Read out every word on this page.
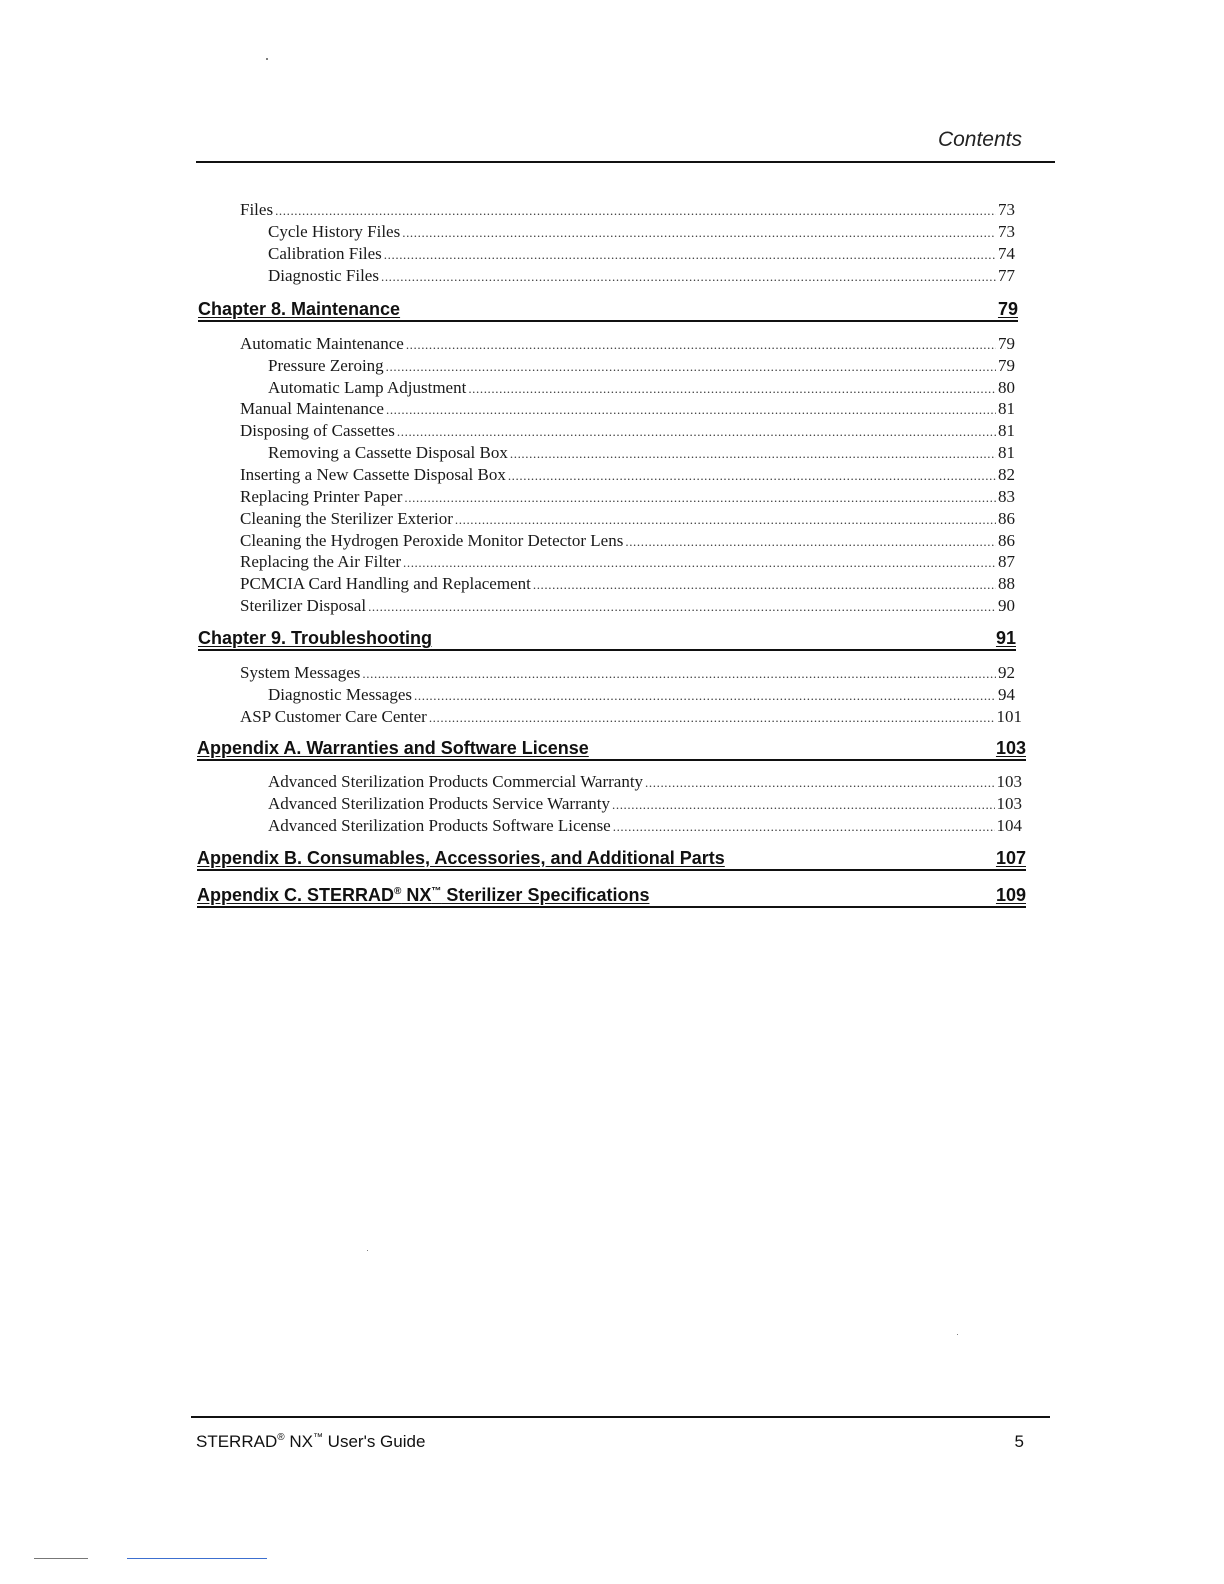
Contents
Files .....	73
Cycle History Files .....	73
Calibration Files .....	74
Diagnostic Files .....	77
Chapter 8. Maintenance	79
Automatic Maintenance .....	79
Pressure Zeroing .....	79
Automatic Lamp Adjustment .....	80
Manual Maintenance .....	81
Disposing of Cassettes .....	81
Removing a Cassette Disposal Box .....	81
Inserting a New Cassette Disposal Box .....	82
Replacing Printer Paper .....	83
Cleaning the Sterilizer Exterior .....	86
Cleaning the Hydrogen Peroxide Monitor Detector Lens .....	86
Replacing the Air Filter .....	87
PCMCIA Card Handling and Replacement .....	88
Sterilizer Disposal .....	90
Chapter 9. Troubleshooting	91
System Messages .....	92
Diagnostic Messages .....	94
ASP Customer Care Center .....	101
Appendix A. Warranties and Software License	103
Advanced Sterilization Products Commercial Warranty .....	103
Advanced Sterilization Products Service Warranty .....	103
Advanced Sterilization Products Software License .....	104
Appendix B. Consumables, Accessories, and Additional Parts	107
Appendix C. STERRAD® NX™ Sterilizer Specifications	109
STERRAD® NX™ User's Guide	5
